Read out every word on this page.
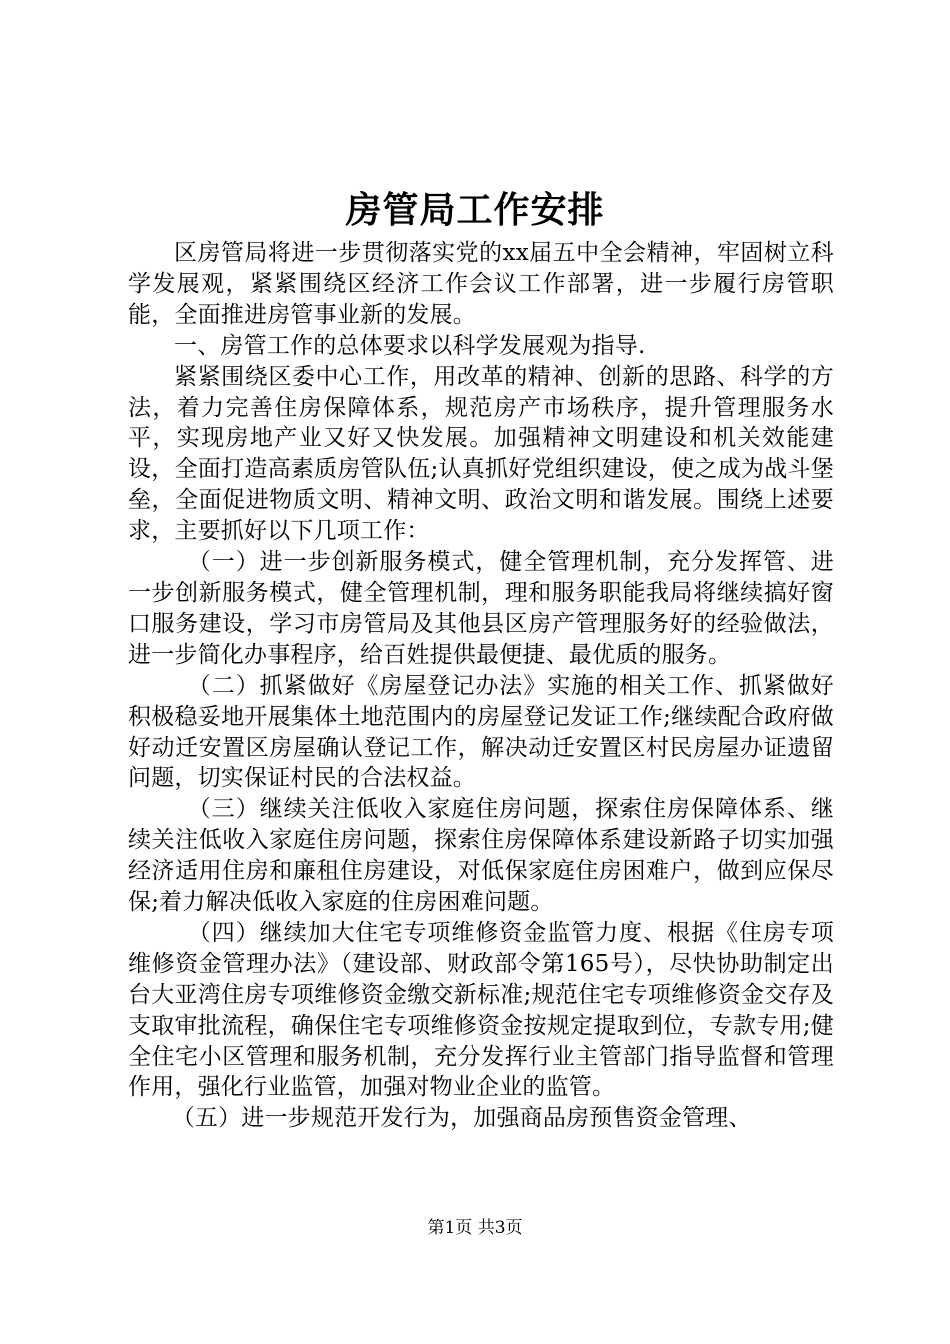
房管局工作安排

区房管局将进一步贯彻落实党的xx届五中全会精神，牢固树立科学发展观，紧紧围绕区经济工作会议工作部署，进一步履行房管职能，全面推进房管事业新的发展。

一、房管工作的总体要求以科学发展观为指导.

紧紧围绕区委中心工作，用改革的精神、创新的思路、科学的方法，着力完善住房保障体系，规范房产市场秩序，提升管理服务水平，实现房地产业又好又快发展。加强精神文明建设和机关效能建设，全面打造高素质房管队伍;认真抓好党组织建设，使之成为战斗堡垒，全面促进物质文明、精神文明、政治文明和谐发展。围绕上述要求，主要抓好以下几项工作：

（一）进一步创新服务模式，健全管理机制，充分发挥管、进一步创新服务模式，健全管理机制，理和服务职能我局将继续搞好窗口服务建设，学习市房管局及其他县区房产管理服务好的经验做法，进一步简化办事程序，给百姓提供最便捷、最优质的服务。

（二）抓紧做好《房屋登记办法》实施的相关工作、抓紧做好积极稳妥地开展集体土地范围内的房屋登记发证工作;继续配合政府做好动迁安置区房屋确认登记工作，解决动迁安置区村民房屋办证遗留问题，切实保证村民的合法权益。

（三）继续关注低收入家庭住房问题，探索住房保障体系、继续关注低收入家庭住房问题，探索住房保障体系建设新路子切实加强经济适用住房和廉租住房建设，对低保家庭住房困难户，做到应保尽保;着力解决低收入家庭的住房困难问题。

（四）继续加大住宅专项维修资金监管力度、根据《住房专项维修资金管理办法》（建设部、财政部令第165号），尽快协助制定出台大亚湾住房专项维修资金缴交新标准;规范住宅专项维修资金交存及支取审批流程，确保住宅专项维修资金按规定提取到位，专款专用;健全住宅小区管理和服务机制，充分发挥行业主管部门指导监督和管理作用，强化行业监管，加强对物业企业的监管。

（五）进一步规范开发行为，加强商品房预售资金管理、

第1页 共3页
